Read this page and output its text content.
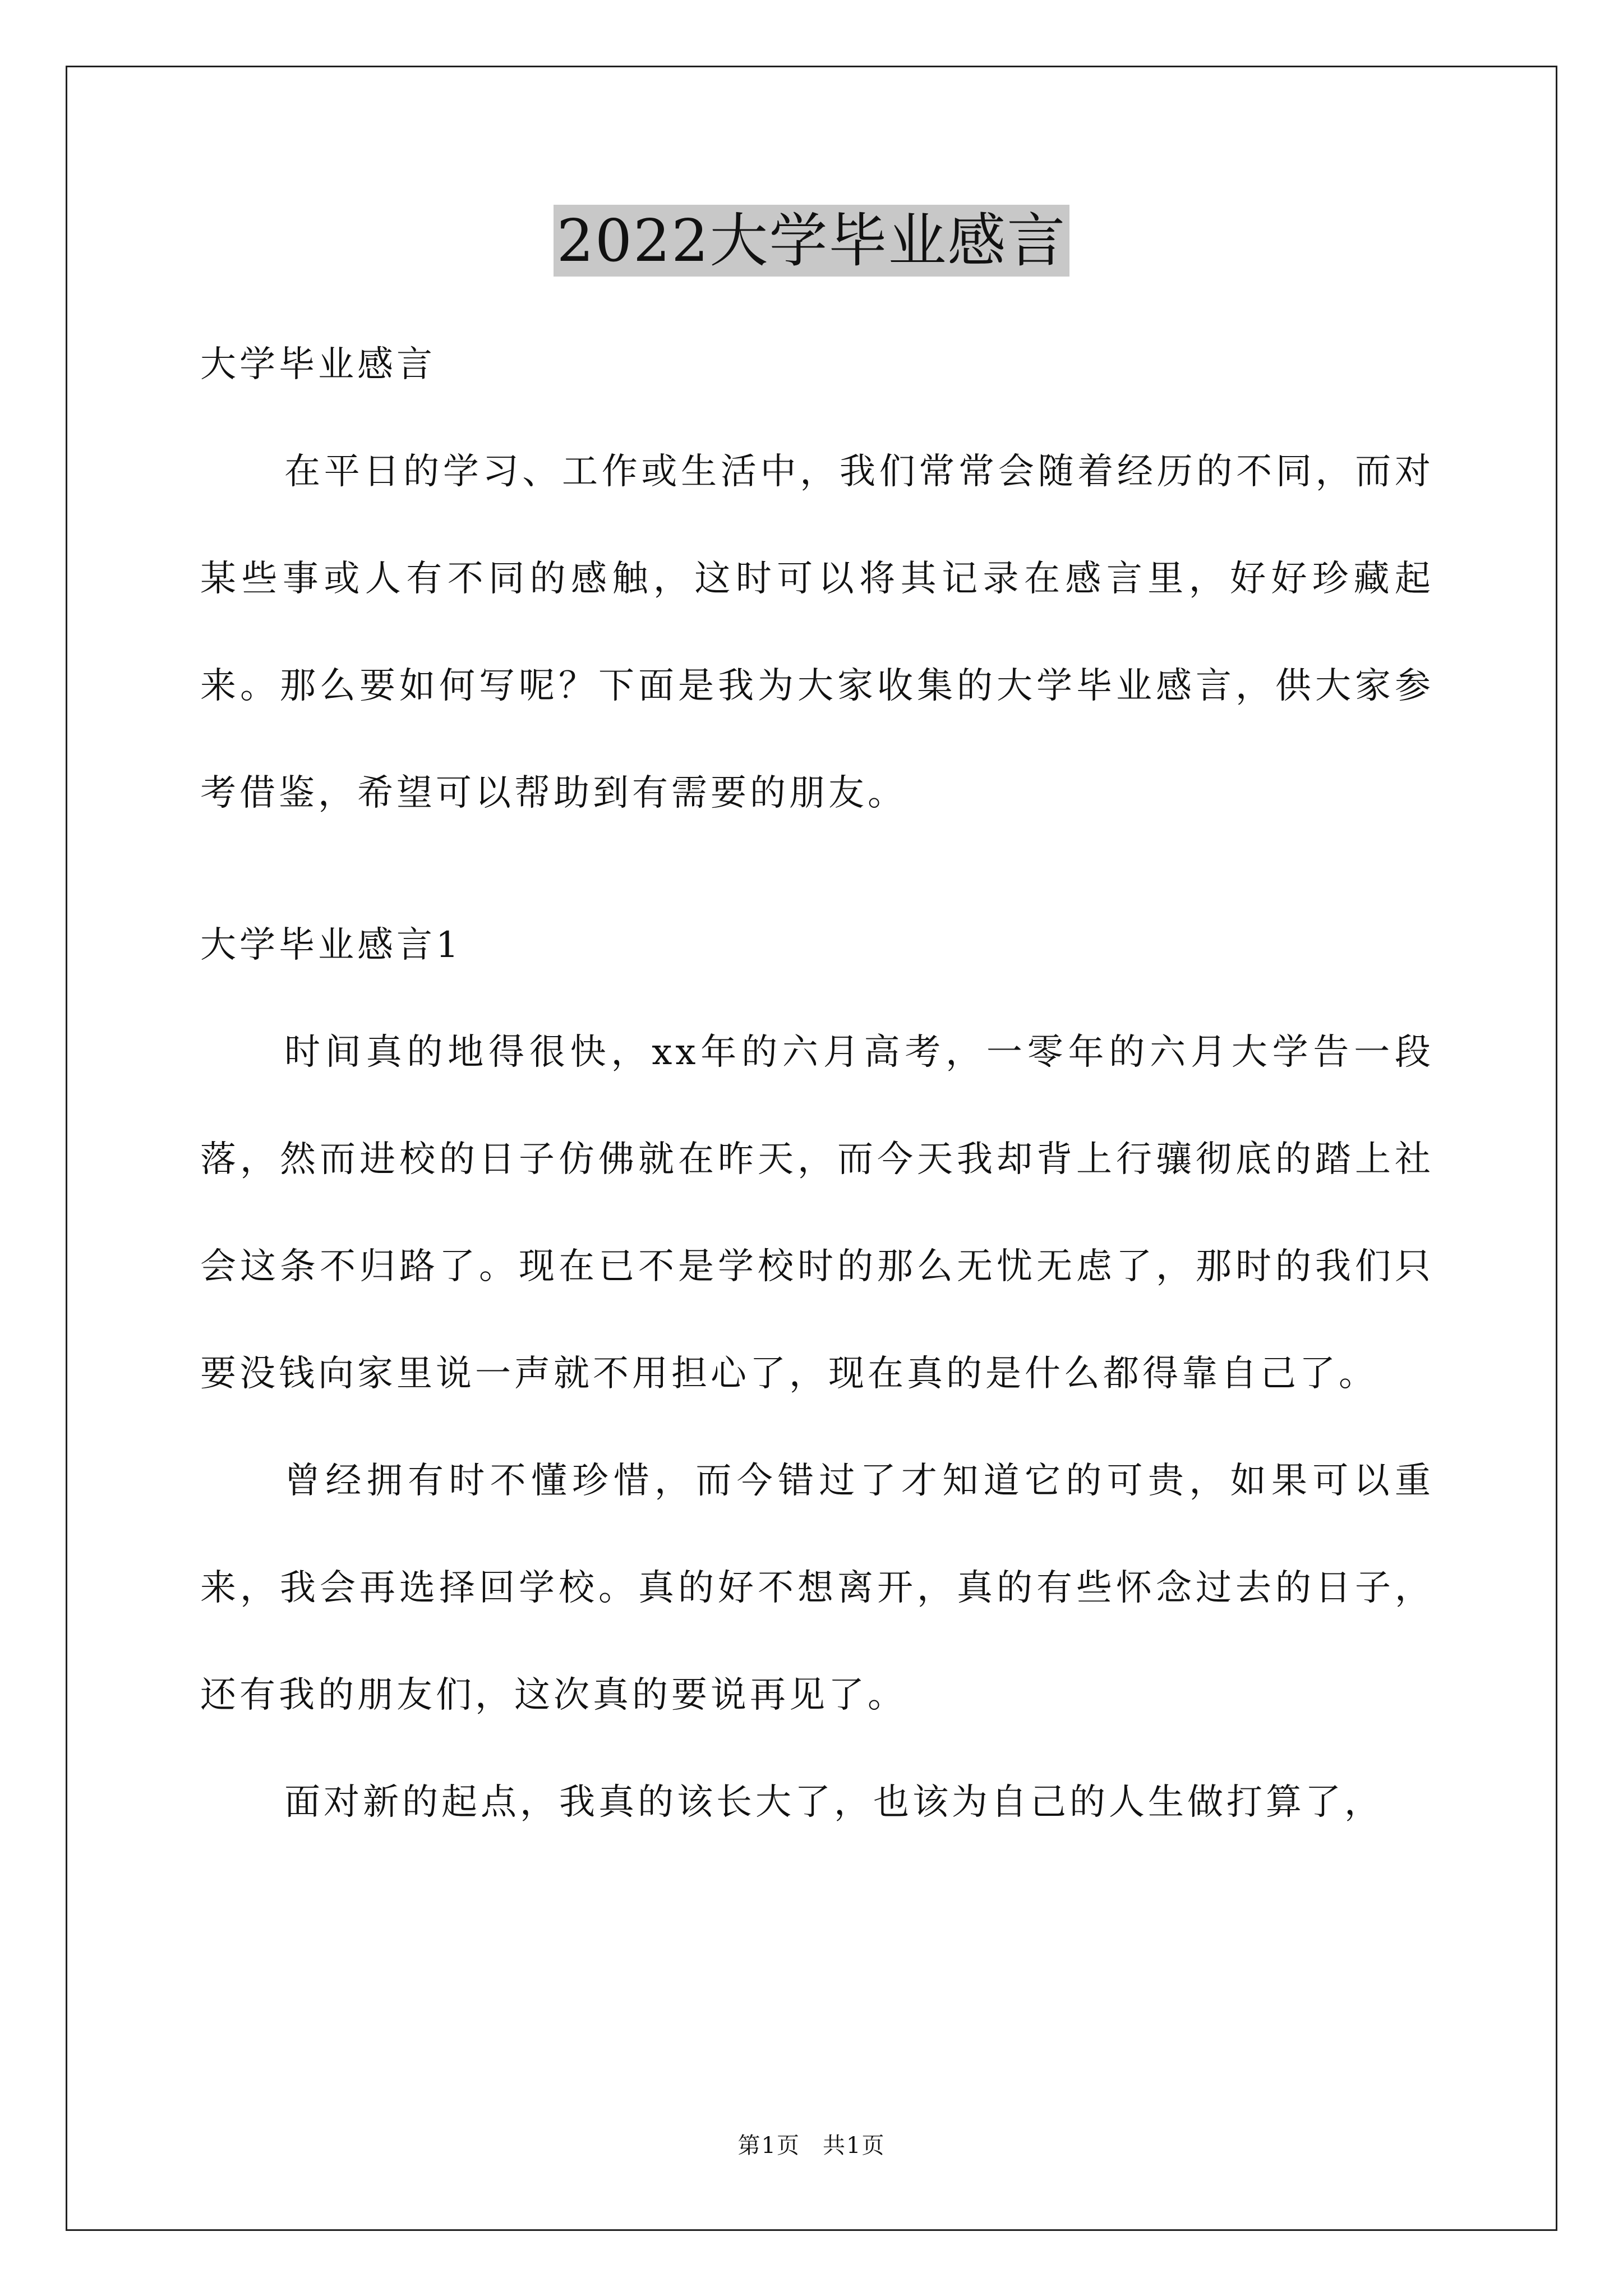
2022大学毕业感言

大学毕业感言

在平日的学习、工作或生活中，我们常常会随着经历的不同，而对某些事或人有不同的感触，这时可以将其记录在感言里，好好珍藏起来。那么要如何写呢？下面是我为大家收集的大学毕业感言，供大家参考借鉴，希望可以帮助到有需要的朋友。

大学毕业感言1

时间真的地得很快，xx年的六月高考，一零年的六月大学告一段落，然而进校的日子仿佛就在昨天，而今天我却背上行骧彻底的踏上社会这条不归路了。现在已不是学校时的那么无忧无虑了，那时的我们只要没钱向家里说一声就不用担心了，现在真的是什么都得靠自己了。

曾经拥有时不懂珍惜，而今错过了才知道它的可贵，如果可以重来，我会再选择回学校。真的好不想离开，真的有些怀念过去的日子，还有我的朋友们，这次真的要说再见了。

面对新的起点，我真的该长大了，也该为自己的人生做打算了，

第1页 共1页
